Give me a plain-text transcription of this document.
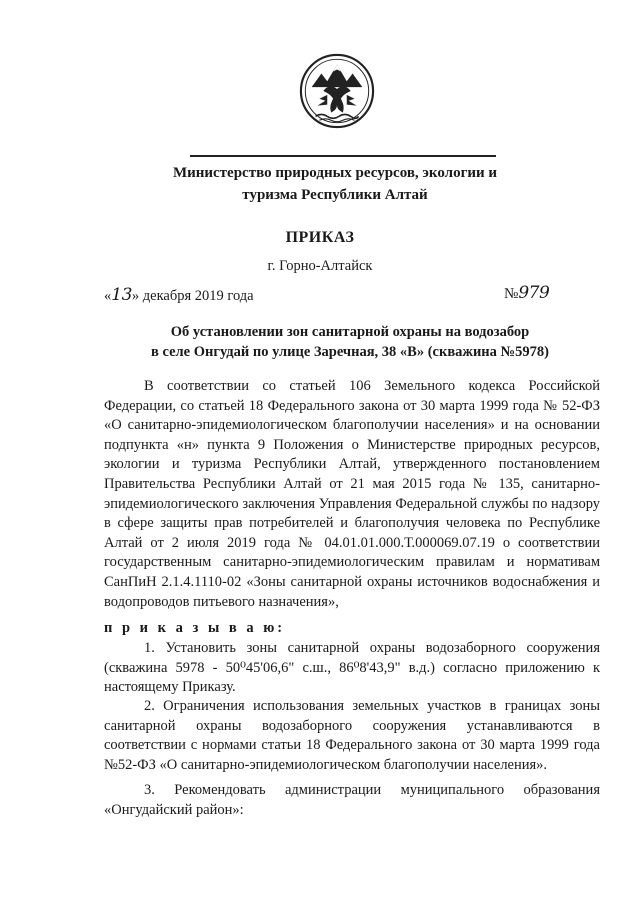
Министерство природных ресурсов, экологии и
туризма Республики Алтай
ПРИКАЗ
г. Горно-Алтайск
«13» декабря 2019 года	№979
Об установлении зон санитарной охраны на водозабор
в селе Онгудай по улице Заречная, 38 «В» (скважина №5978)
В соответствии со статьей 106 Земельного кодекса Российской Федерации, со статьей 18 Федерального закона от 30 марта 1999 года № 52-ФЗ «О санитарно-эпидемиологическом благополучии населения» и на основании подпункта «н» пункта 9 Положения о Министерстве природных ресурсов, экологии и туризма Республики Алтай, утвержденного постановлением Правительства Республики Алтай от 21 мая 2015 года № 135, санитарно-эпидемиологического заключения Управления Федеральной службы по надзору в сфере защиты прав потребителей и благополучия человека по Республике Алтай от 2 июля 2019 года № 04.01.01.000.Т.000069.07.19 о соответствии государственным санитарно-эпидемиологическим правилам и нормативам СанПиН 2.1.4.1110-02 «Зоны санитарной охраны источников водоснабжения и водопроводов питьевого назначения»,
п р и к а з ы в а ю:
1. Установить зоны санитарной охраны водозаборного сооружения (скважина 5978 - 50⁰45'06,6" с.ш., 86⁰8'43,9" в.д.) согласно приложению к настоящему Приказу.
2. Ограничения использования земельных участков в границах зоны санитарной охраны водозаборного сооружения устанавливаются в соответствии с нормами статьи 18 Федерального закона от 30 марта 1999 года №52-ФЗ «О санитарно-эпидемиологическом благополучии населения».
3. Рекомендовать администрации муниципального образования «Онгудайский район»:
